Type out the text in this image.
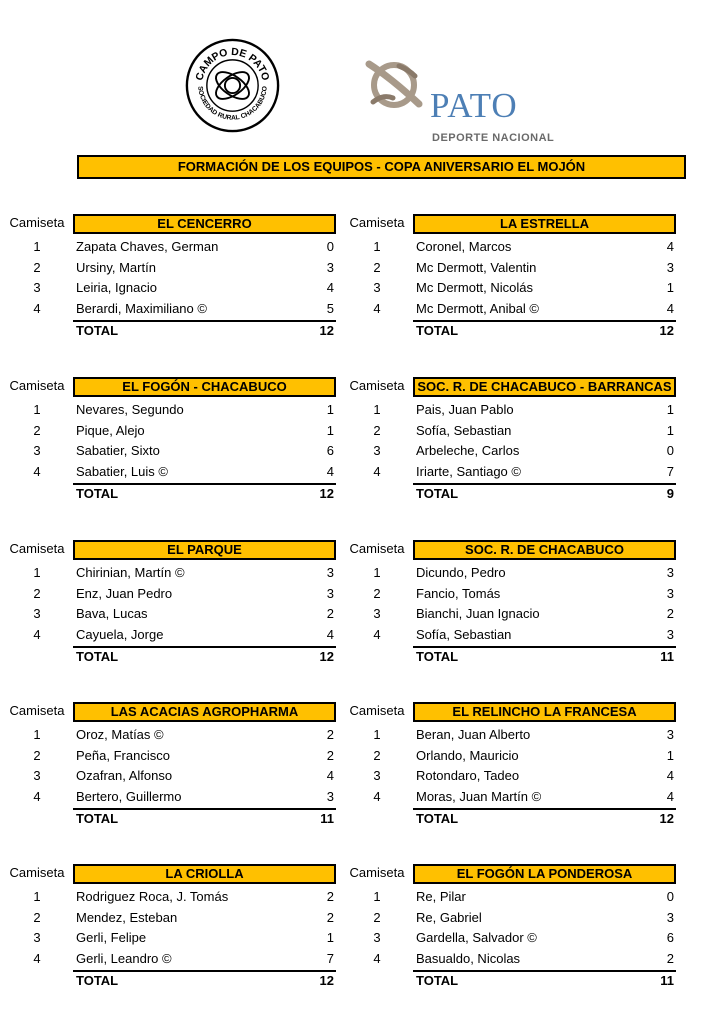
CAMPO DE PATO
SOCIEDAD RURAL CHACABUCO	PATO
DEPORTE NACIONAL
FORMACIÓN DE LOS EQUIPOS - COPA ANIVERSARIO EL MOJÓN
Camiseta	EL CENCERRO
1	Zapata Chaves, German	0
2	Ursiny, Martín	3
3	Leiria, Ignacio	4
4	Berardi, Maximiliano ©	5
TOTAL	12
Camiseta	LA ESTRELLA
1	Coronel, Marcos	4
2	Mc Dermott, Valentin	3
3	Mc Dermott, Nicolás	1
4	Mc Dermott, Anibal ©	4
TOTAL	12
Camiseta	EL FOGÓN - CHACABUCO
1	Nevares, Segundo	1
2	Pique, Alejo	1
3	Sabatier, Sixto	6
4	Sabatier, Luis ©	4
TOTAL	12
Camiseta SOC. R. DE CHACABUCO - BARRANCAS
1	Pais, Juan Pablo	1
2	Sofía, Sebastian	1
3	Arbeleche, Carlos	0
4	Iriarte, Santiago ©	7
TOTAL	9
Camiseta	EL PARQUE
1	Chirinian, Martín ©	3
2	Enz, Juan Pedro	3
3	Bava, Lucas	2
4	Cayuela, Jorge	4
TOTAL	12
Camiseta	SOC. R. DE CHACABUCO
1	Dicundo, Pedro	3
2	Fancio, Tomás	3
3	Bianchi, Juan Ignacio	2
4	Sofía, Sebastian	3
TOTAL	11
Camiseta	LAS ACACIAS AGROPHARMA
1	Oroz, Matías ©	2
2	Peña, Francisco	2
3	Ozafran, Alfonso	4
4	Bertero, Guillermo	3
TOTAL	11
Camiseta	EL RELINCHO LA FRANCESA
1	Beran, Juan Alberto	3
2	Orlando, Mauricio	1
3	Rotondaro, Tadeo	4
4	Moras, Juan Martín ©	4
TOTAL	12
Camiseta	LA CRIOLLA
1	Rodriguez Roca, J. Tomás	2
2	Mendez, Esteban	2
3	Gerli, Felipe	1
4	Gerli, Leandro ©	7
TOTAL	12
Camiseta	EL FOGÓN LA PONDEROSA
1	Re, Pilar	0
2	Re, Gabriel	3
3	Gardella, Salvador ©	6
4	Basualdo, Nicolas	2
TOTAL	11
